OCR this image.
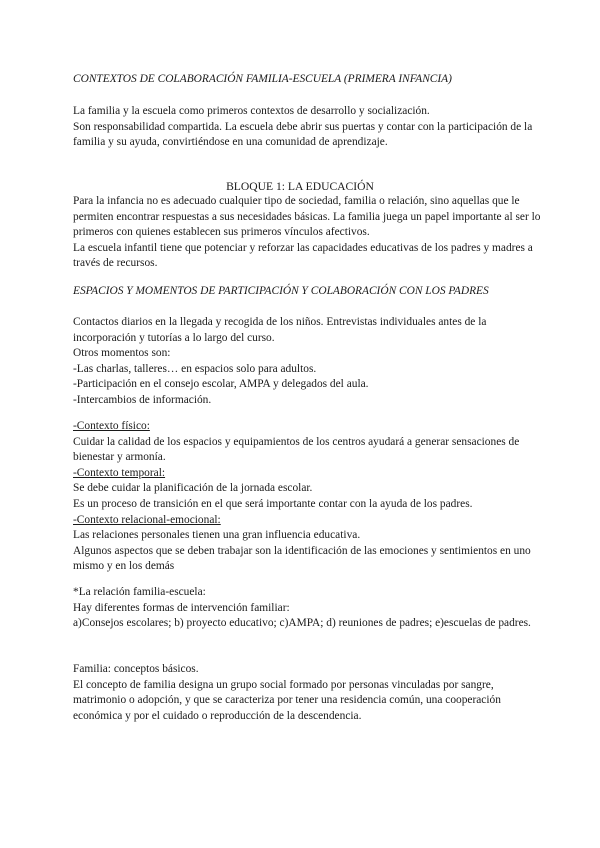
CONTEXTOS DE COLABORACIÓN FAMILIA-ESCUELA (PRIMERA INFANCIA)
La familia y la escuela como primeros contextos de desarrollo y socialización.
Son responsabilidad compartida. La escuela debe abrir sus puertas y contar con la participación de la
familia y su ayuda, convirtiéndose en una comunidad de aprendizaje.
BLOQUE 1: LA EDUCACIÓN
Para la infancia no es adecuado cualquier tipo de sociedad, familia o relación, sino aquellas que le
permiten encontrar respuestas a sus necesidades básicas. La familia juega un papel importante al ser lo
primeros con quienes establecen sus primeros vínculos afectivos.
La escuela infantil tiene que potenciar y reforzar las capacidades educativas de los padres y madres a
través de recursos.
ESPACIOS Y MOMENTOS DE PARTICIPACIÓN Y COLABORACIÓN CON LOS PADRES
Contactos diarios en la llegada y recogida de los niños. Entrevistas individuales antes de la
incorporación y tutorías a lo largo del curso.
Otros momentos son:
-Las charlas, talleres… en espacios solo para adultos.
-Participación en el consejo escolar, AMPA y delegados del aula.
-Intercambios de información.
-Contexto físico:
Cuidar la calidad de los espacios y equipamientos de los centros ayudará a generar sensaciones de
bienestar y armonía.
-Contexto temporal:
Se debe cuidar la planificación de la jornada escolar.
Es un proceso de transición en el que será importante contar con la ayuda de los padres.
-Contexto relacional-emocional:
Las relaciones personales tienen una gran influencia educativa.
Algunos aspectos que se deben trabajar son la identificación de las emociones y sentimientos en uno
mismo y en los demás
*La relación familia-escuela:
Hay diferentes formas de intervención familiar:
a)Consejos escolares; b) proyecto educativo; c)AMPA; d) reuniones de padres; e)escuelas de padres.
Familia: conceptos básicos.
El concepto de familia designa un grupo social formado por personas vinculadas por sangre,
matrimonio o adopción, y que se caracteriza por tener una residencia común, una cooperación
económica y por el cuidado o reproducción de la descendencia.
